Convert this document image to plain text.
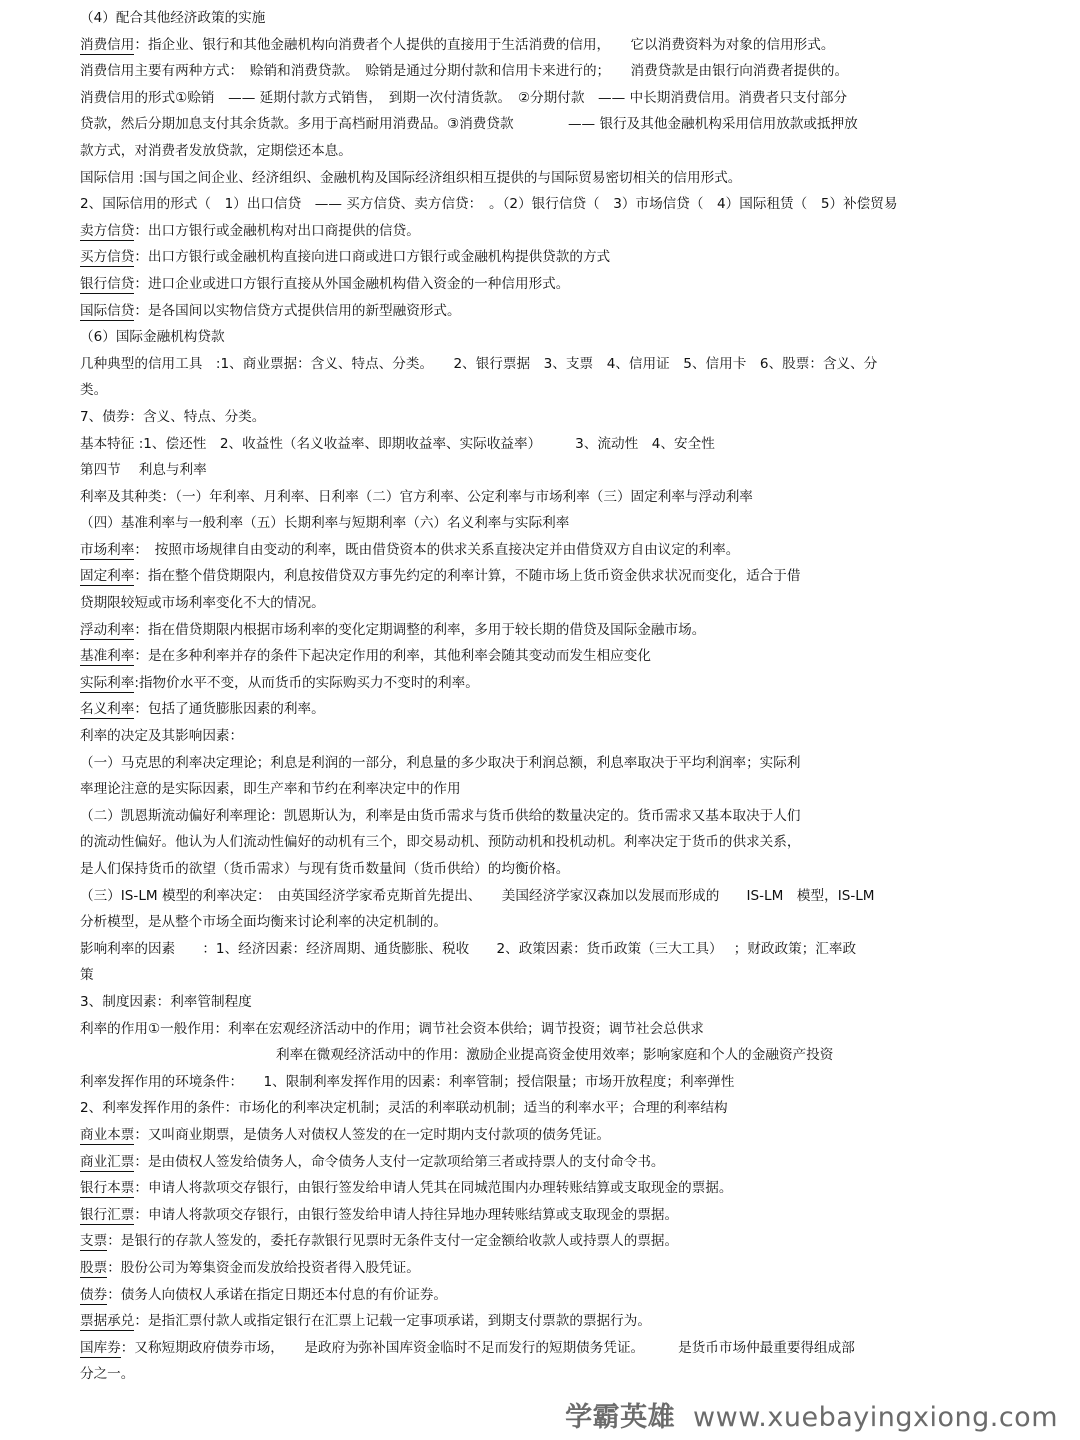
（4）配合其他经济政策的实施
消费信用：指企业、银行和其他金融机构向消费者个人提供的直接用于生活消费的信用，　　它以消费资料为对象的信用形式。
消费信用主要有两种方式：　赊销和消费贷款。　赊销是通过分期付款和信用卡来进行的；　　消费贷款是由银行向消费者提供的。
消费信用的形式①赊销　—— 延期付款方式销售，　到期一次付清货款。　②分期付款　—— 中长期消费信用。消费者只支付部分
贷款，然后分期加息支付其余货款。多用于高档耐用消费品。③消费贷款　　　　—— 银行及其他金融机构采用信用放款或抵押放
款方式，对消费者发放贷款，定期偿还本息。
国际信用 :国与国之间企业、经济组织、金融机构及国际经济组织相互提供的与国际贸易密切相关的信用形式。
2、国际信用的形式（　1）出口信贷　—— 买方信贷、卖方信贷：　。（2）银行信贷（　3）市场信贷（　4）国际租赁（　5）补偿贸易
卖方信贷：出口方银行或金融机构对出口商提供的信贷。
买方信贷：出口方银行或金融机构直接向进口商或进口方银行或金融机构提供贷款的方式
银行信贷：进口企业或进口方银行直接从外国金融机构借入资金的一种信用形式。
国际信贷：是各国间以实物信贷方式提供信用的新型融资形式。
（6）国际金融机构贷款
几种典型的信用工具　:1、商业票据：含义、特点、分类。　　2、银行票据　3、支票　4、信用证　5、信用卡　6、股票：含义、分
类。
7、债券：含义、特点、分类。
基本特征 :1、偿还性　2、收益性（名义收益率、即期收益率、实际收益率）　　　3、流动性　4、安全性
第四节　 利息与利率
利率及其种类：（一）年利率、月利率、日利率（二）官方利率、公定利率与市场利率（三）固定利率与浮动利率
（四）基准利率与一般利率（五）长期利率与短期利率（六）名义利率与实际利率
市场利率：　按照市场规律自由变动的利率，既由借贷资本的供求关系直接决定并由借贷双方自由议定的利率。
固定利率：指在整个借贷期限内，利息按借贷双方事先约定的利率计算，不随市场上货币资金供求状况而变化，适合于借
贷期限较短或市场利率变化不大的情况。
浮动利率：指在借贷期限内根据市场利率的变化定期调整的利率，多用于较长期的借贷及国际金融市场。
基准利率：是在多种利率并存的条件下起决定作用的利率，其他利率会随其变动而发生相应变化
实际利率:指物价水平不变，从而货币的实际购买力不变时的利率。
名义利率：包括了通货膨胀因素的利率。
利率的决定及其影响因素：
（一）马克思的利率决定理论；利息是利润的一部分，利息量的多少取决于利润总额，利息率取决于平均利润率；实际利
率理论注意的是实际因素，即生产率和节约在利率决定中的作用
（二）凯恩斯流动偏好利率理论：凯恩斯认为，利率是由货币需求与货币供给的数量决定的。货币需求又基本取决于人们
的流动性偏好。他认为人们流动性偏好的动机有三个，即交易动机、预防动机和投机动机。利率决定于货币的供求关系，
是人们保持货币的欲望（货币需求）与现有货币数量间（货币供给）的均衡价格。
（三）IS-LM 模型的利率决定：　由英国经济学家希克斯首先提出、　　美国经济学家汉森加以发展而形成的　　IS-LM　模型，IS-LM
分析模型，是从整个市场全面均衡来讨论利率的决定机制的。
影响利率的因素　　：1、经济因素：经济周期、通货膨胀、税收　　2、政策因素：货币政策（三大工具）　 ；财政政策；汇率政
策
3、制度因素：利率管制程度
利率的作用①一般作用：利率在宏观经济活动中的作用；调节社会资本供给；调节投资；调节社会总供求
利率在微观经济活动中的作用：激励企业提高资金使用效率；影响家庭和个人的金融资产投资
利率发挥作用的环境条件：　　1、限制利率发挥作用的因素：利率管制；授信限量；市场开放程度；利率弹性
2、利率发挥作用的条件：市场化的利率决定机制；灵活的利率联动机制；适当的利率水平；合理的利率结构
商业本票：又叫商业期票，是债务人对债权人签发的在一定时期内支付款项的债务凭证。
商业汇票：是由债权人签发给债务人，命令债务人支付一定款项给第三者或持票人的支付命令书。
银行本票：申请人将款项交存银行，由银行签发给申请人凭其在同城范围内办理转账结算或支取现金的票据。
银行汇票：申请人将款项交存银行，由银行签发给申请人持往异地办理转账结算或支取现金的票据。
支票：是银行的存款人签发的，委托存款银行见票时无条件支付一定金额给收款人或持票人的票据。
股票：股份公司为筹集资金而发放给投资者得入股凭证。
债券：债务人向债权人承诺在指定日期还本付息的有价证券。
票据承兑：是指汇票付款人或指定银行在汇票上记载一定事项承诺，到期支付票款的票据行为。
国库券：又称短期政府债券市场，　　是政府为弥补国库资金临时不足而发行的短期债务凭证。　　　是货币市场仲最重要得组成部
分之一。
学霸英雄 www.xuebayingxiong.com
